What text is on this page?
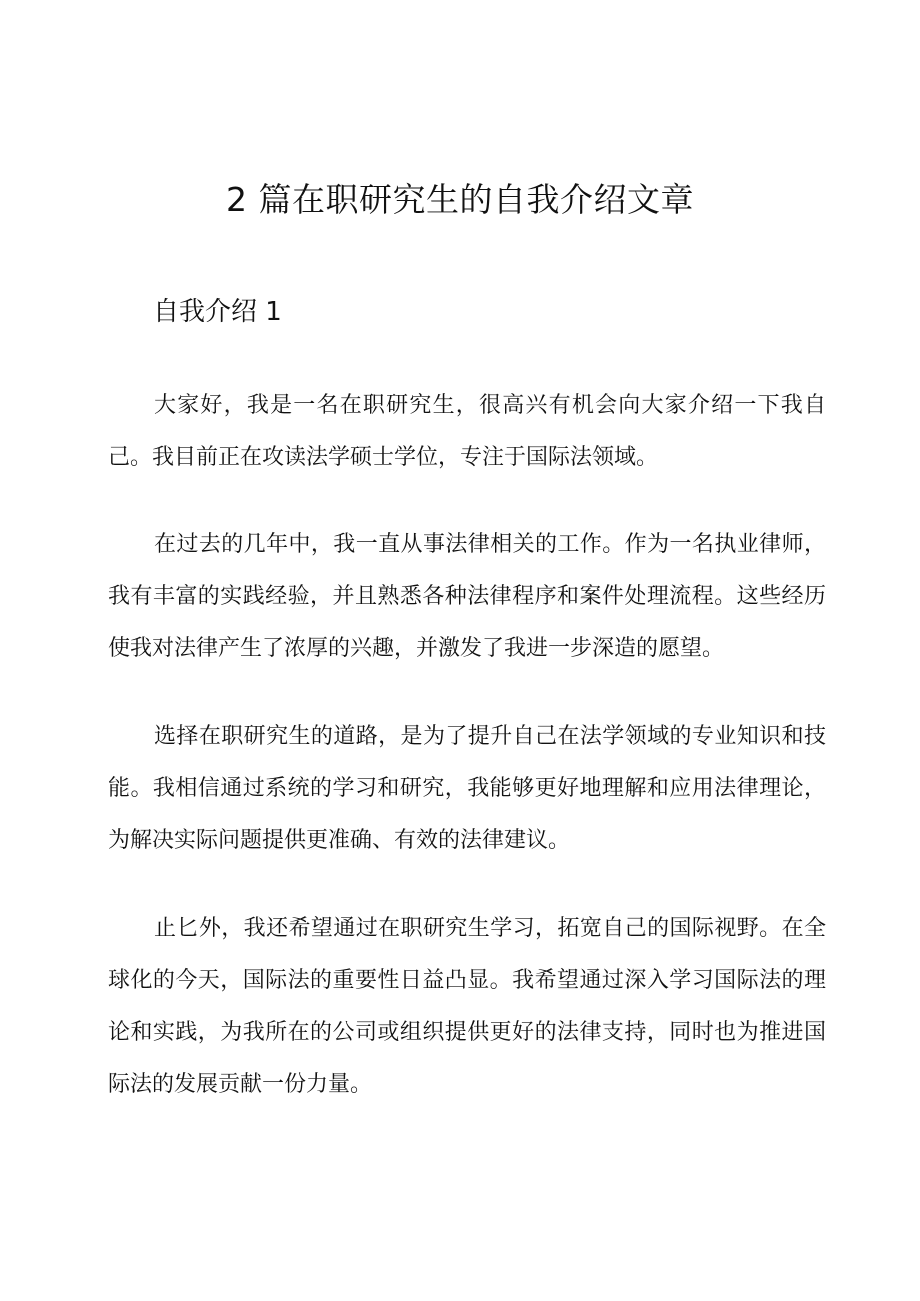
2 篇在职研究生的自我介绍文章
自我介绍 1

大家好，我是一名在职研究生，很高兴有机会向大家介绍一下我自己。我目前正在攻读法学硕士学位，专注于国际法领域。

在过去的几年中，我一直从事法律相关的工作。作为一名执业律师，我有丰富的实践经验，并且熟悉各种法律程序和案件处理流程。这些经历使我对法律产生了浓厚的兴趣，并激发了我进一步深造的愿望。

选择在职研究生的道路，是为了提升自己在法学领域的专业知识和技能。我相信通过系统的学习和研究，我能够更好地理解和应用法律理论，为解决实际问题提供更准确、有效的法律建议。

止匕外，我还希望通过在职研究生学习，拓宽自己的国际视野。在全球化的今天，国际法的重要性日益凸显。我希望通过深入学习国际法的理论和实践，为我所在的公司或组织提供更好的法律支持，同时也为推进国际法的发展贡献一份力量。
